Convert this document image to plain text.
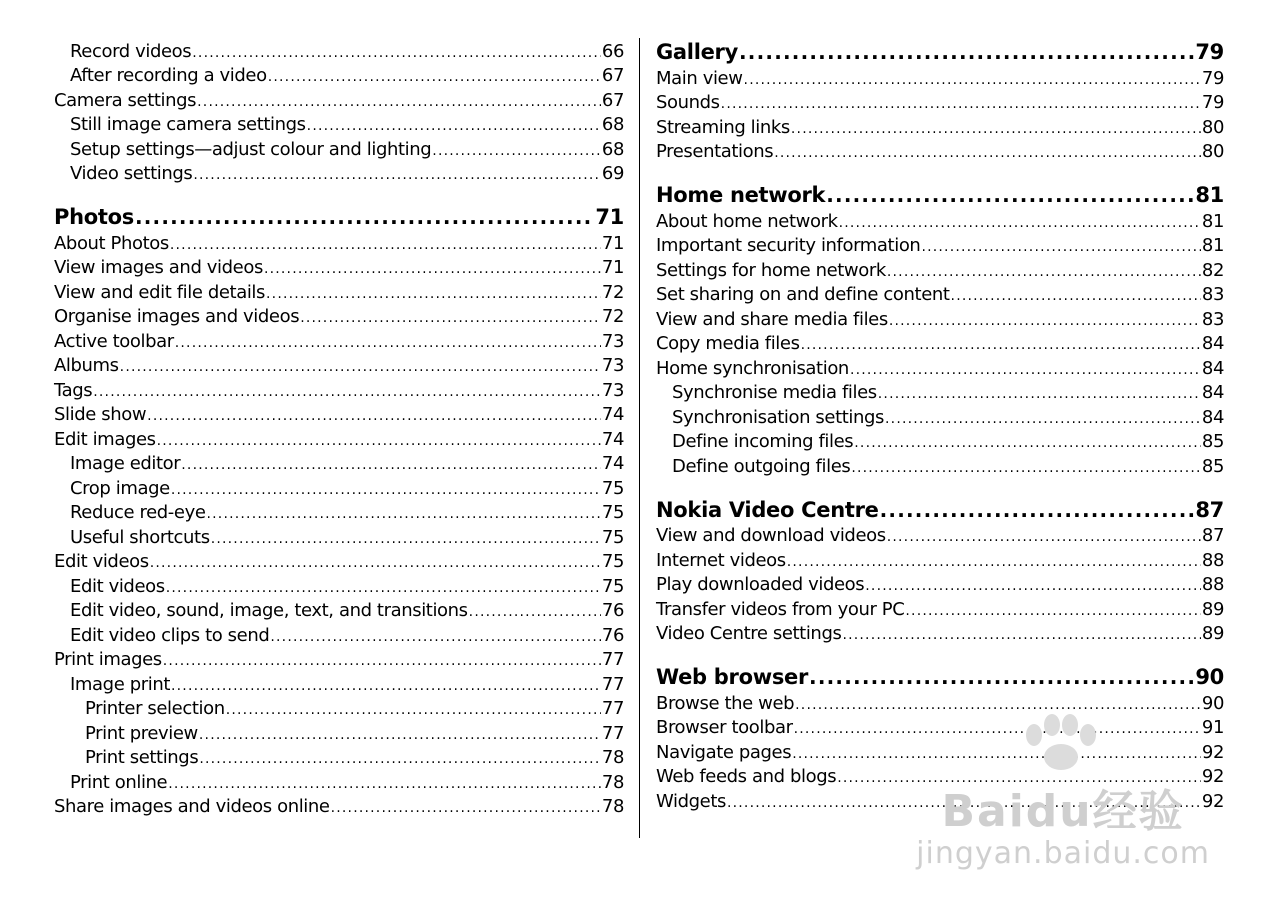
Record videos .....	66
After recording a video .....	67
Camera settings .....	67
Still image camera settings .....	68
Setup settings—adjust colour and lighting .....	68
Video settings .....	69
Photos .....	71
About Photos .....	71
View images and videos .....	71
View and edit file details .....	72
Organise images and videos .....	72
Active toolbar .....	73
Albums .....	73
Tags .....	73
Slide show .....	74
Edit images .....	74
Image editor .....	74
Crop image .....	75
Reduce red-eye .....	75
Useful shortcuts .....	75
Edit videos .....	75
Edit videos .....	75
Edit video, sound, image, text, and transitions .....	76
Edit video clips to send .....	76
Print images .....	77
Image print .....	77
Printer selection .....	77
Print preview .....	77
Print settings .....	78
Print online .....	78
Share images and videos online .....	78
Gallery .....	79
Main view .....	79
Sounds .....	79
Streaming links .....	80
Presentations .....	80
Home network .....	81
About home network .....	81
Important security information .....	81
Settings for home network .....	82
Set sharing on and define content .....	83
View and share media files .....	83
Copy media files .....	84
Home synchronisation .....	84
Synchronise media files .....	84
Synchronisation settings .....	84
Define incoming files .....	85
Define outgoing files .....	85
Nokia Video Centre .....	87
View and download videos .....	87
Internet videos .....	88
Play downloaded videos .....	88
Transfer videos from your PC .....	89
Video Centre settings .....	89
Web browser .....	90
Browse the web .....	90
Browser toolbar .....	91
Navigate pages .....	92
Web feeds and blogs .....	92
Widgets .....	92
Baidu经验
jingyan.baidu.com
